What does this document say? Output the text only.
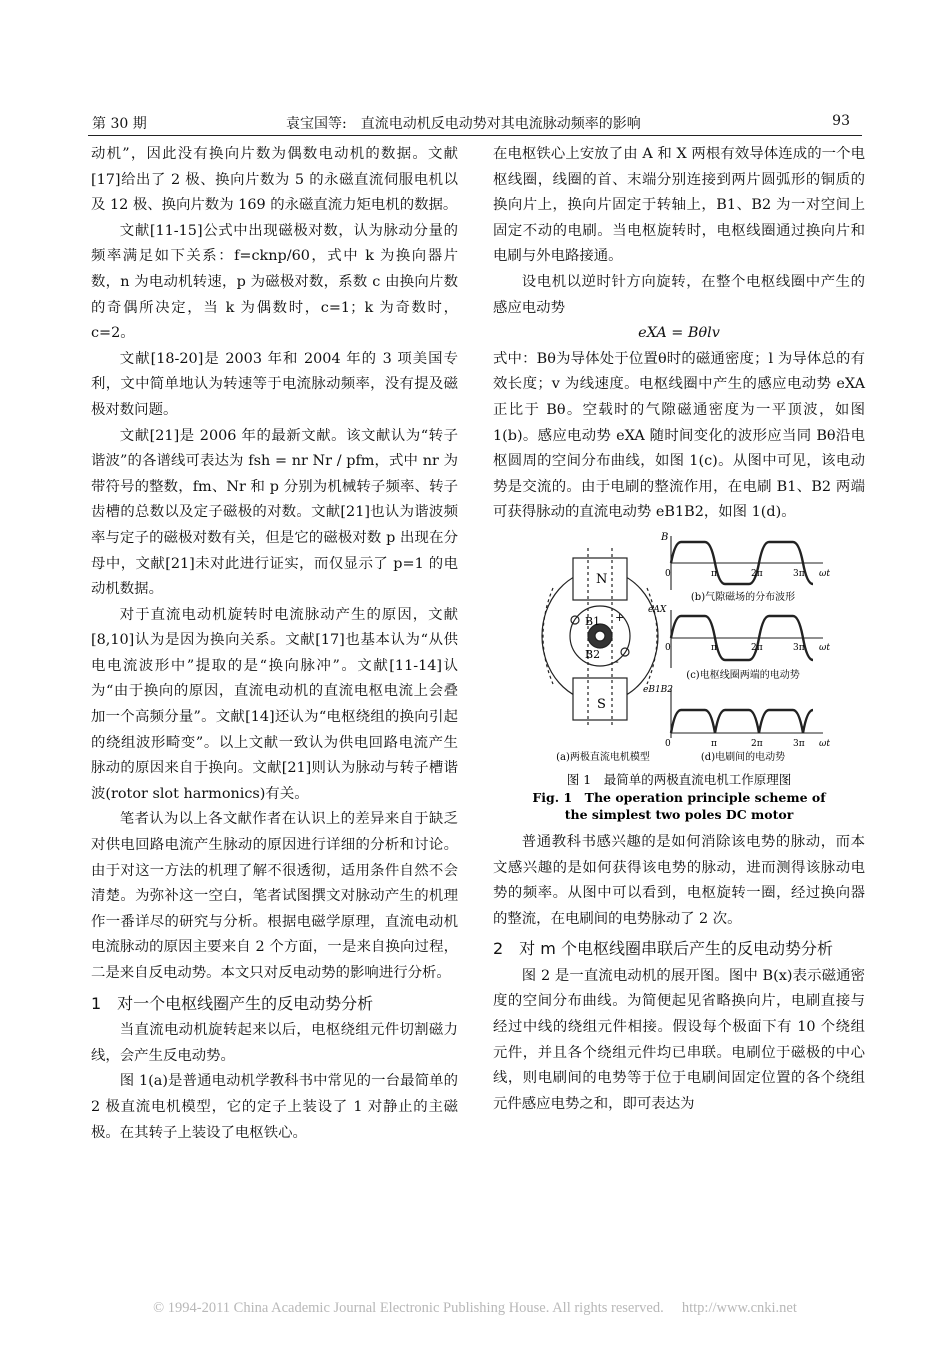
第 30 期	袁宝国等:　 直流电动机反电动势对其电流脉动频率的影响	93

动机”，因此没有换向片数为偶数电动机的数据。文献[17]给出了 2 极、换向片数为 5 的永磁直流伺服电机以及 12 极、换向片数为 169 的永磁直流力矩电机的数据。

文献[11-15]公式中出现磁极对数，认为脉动分量的频率满足如下关系：f=cknp/60，式中 k 为换向器片数，n 为电动机转速，p 为磁极对数，系数 c 由换向片数的奇偶所决定，当 k 为偶数时，c=1；k 为奇数时，c=2。

文献[18-20]是 2003 年和 2004 年的 3 项美国专利，文中简单地认为转速等于电流脉动频率，没有提及磁极对数问题。

文献[21]是 2006 年的最新文献。该文献认为“转子谐波”的各谱线可表达为 fsh = nr Nr / pfm，式中 nr 为带符号的整数，fm、Nr 和 p 分别为机械转子频率、转子齿槽的总数以及定子磁极的对数。文献[21]也认为谐波频率与定子的磁极对数有关，但是它的磁极对数 p 出现在分母中，文献[21]未对此进行证实，而仅显示了 p=1 的电动机数据。

对于直流电动机旋转时电流脉动产生的原因，文献[8,10]认为是因为换向关系。文献[17]也基本认为“从供电电流波形中”提取的是“换向脉冲”。文献[11-14]认为“由于换向的原因，直流电动机的直流电枢电流上会叠加一个高频分量”。文献[14]还认为“电枢绕组的换向引起的绕组波形畸变”。以上文献一致认为供电回路电流产生脉动的原因来自于换向。文献[21]则认为脉动与转子槽谐波(rotor slot harmonics)有关。

笔者认为以上各文献作者在认识上的差异来自于缺乏对供电回路电流产生脉动的原因进行详细的分析和讨论。由于对这一方法的机理了解不很透彻，适用条件自然不会清楚。为弥补这一空白，笔者试图撰文对脉动产生的机理作一番详尽的研究与分析。根据电磁学原理，直流电动机电流脉动的原因主要来自 2 个方面，一是来自换向过程，二是来自反电动势。本文只对反电动势的影响进行分析。

1　对一个电枢线圈产生的反电动势分析

当直流电动机旋转起来以后，电枢绕组元件切割磁力线，会产生反电动势。

图 1(a)是普通电动机学教科书中常见的一台最简单的 2 极直流电机模型，它的定子上装设了 1 对静止的主磁极。在其转子上装设了电枢铁心。

在电枢铁心上安放了由 A 和 X 两根有效导体连成的一个电枢线圈，线圈的首、末端分别连接到两片圆弧形的铜质的换向片上，换向片固定于转轴上，B1、B2 为一对空间上固定不动的电刷。当电枢旋转时，电枢线圈通过换向片和电刷与外电路接通。

设电机以逆时针方向旋转，在整个电枢线圈中产生的感应电动势

eXA = Bθlv

式中：Bθ为导体处于位置θ时的磁通密度；l 为导体总的有效长度；v 为线速度。电枢线圈中产生的感应电动势 eXA 正比于 Bθ。空载时的气隙磁通密度为一平顶波，如图 1(b)。感应电动势 eXA 随时间变化的波形应当同 Bθ沿电枢圆周的空间分布曲线，如图 1(c)。从图中可见，该电动势是交流的。由于电刷的整流作用，在电刷 B1、B2 两端可获得脉动的直流电动势 eB1B2，如图 1(d)。

N
S
B1
B2
+
-
(a)两极直流电机模型
B
0	π	2π	3π ωt
(b)气隙磁场的分布波形
eAX
0	π	2π	3π ωt
(c)电枢线圈两端的电动势
eB1B2
0	π	2π	3π ωt
(d)电刷间的电动势
图 1　最简单的两极直流电机工作原理图
Fig. 1　The operation principle scheme of
the simplest two poles DC motor

普通教科书感兴趣的是如何消除该电势的脉动，而本文感兴趣的是如何获得该电势的脉动，进而测得该脉动电势的频率。从图中可以看到，电枢旋转一圈，经过换向器的整流，在电刷间的电势脉动了 2 次。

2　对 m 个电枢线圈串联后产生的反电动势分析

图 2 是一直流电动机的展开图。图中 B(x)表示磁通密度的空间分布曲线。为简便起见省略换向片，电刷直接与经过中线的绕组元件相接。假设每个极面下有 10 个绕组元件，并且各个绕组元件均已串联。电刷位于磁极的中心线，则电刷间的电势等于位于电刷间固定位置的各个绕组元件感应电势之和，即可表达为

© 1994-2011 China Academic Journal Electronic Publishing House. All rights reserved.　 http://www.cnki.net
